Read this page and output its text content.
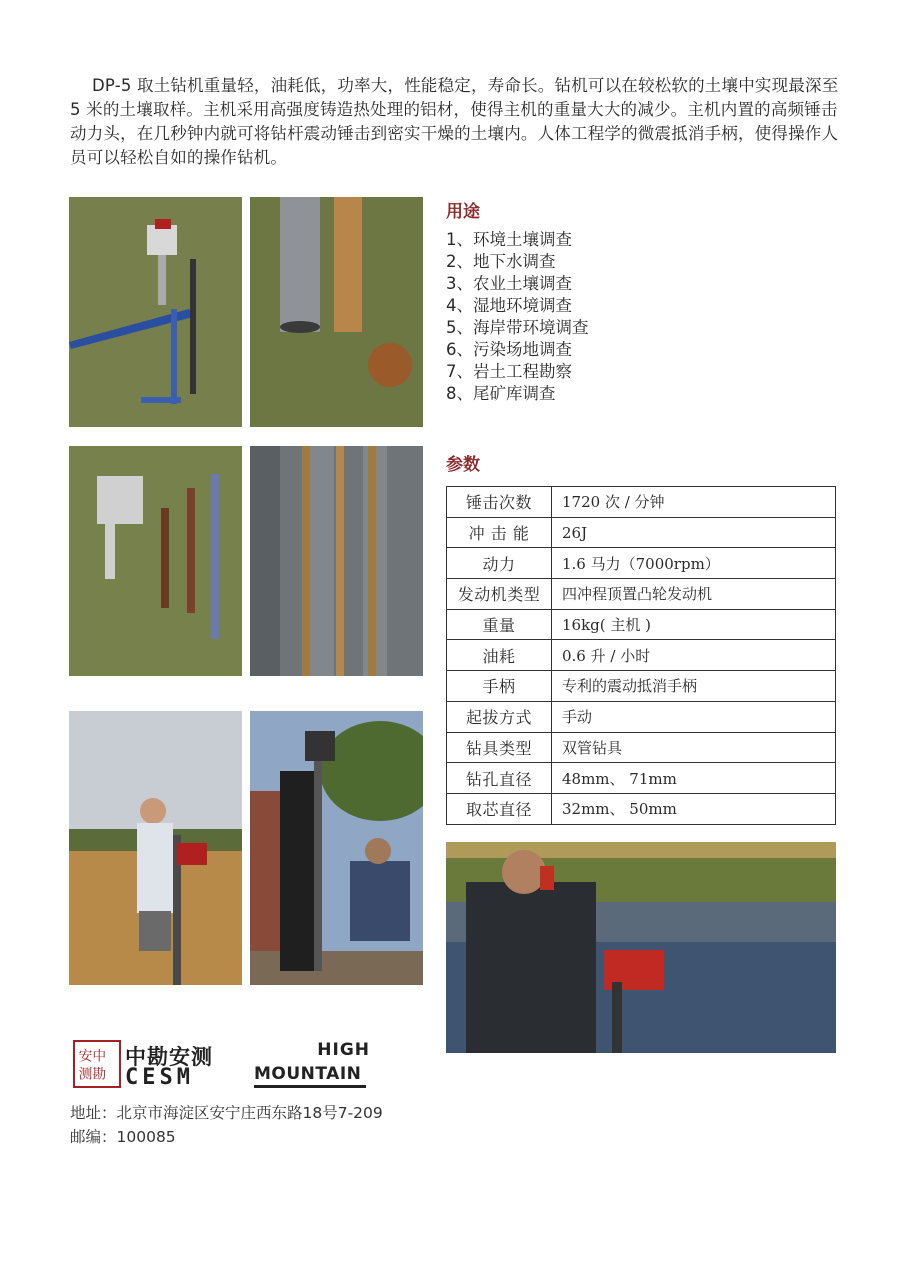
DP-5 取土钻机重量轻，油耗低，功率大，性能稳定，寿命长。钻机可以在较松软的土壤中实现最深至 5 米的土壤取样。主机采用高强度铸造热处理的铝材，使得主机的重量大大的减少。主机内置的高频锤击动力头，在几秒钟内就可将钻杆震动锤击到密实干燥的土壤内。人体工程学的微震抵消手柄，使得操作人员可以轻松自如的操作钻机。

用途
1、环境土壤调查
2、地下水调查
3、农业土壤调查
4、湿地环境调查
5、海岸带环境调查
6、污染场地调查
7、岩土工程勘察
8、尾矿库调查
参数
锤击次数	1720 次 / 分钟
冲 击 能	26J
动力	1.6 马力（7000rpm）
发动机类型	四冲程顶置凸轮发动机
重量	16kg( 主机 )
油耗	0.6 升 / 小时
手柄	专利的震动抵消手柄
起拔方式	手动
钻具类型	双管钻具
钻孔直径	48mm、 71mm
取芯直径	32mm、 50mm
安中
测勘
中勘安测
CESM
HIGH
MOUNTAIN
地址：北京市海淀区安宁庄西东路18号7-209
邮编：100085
